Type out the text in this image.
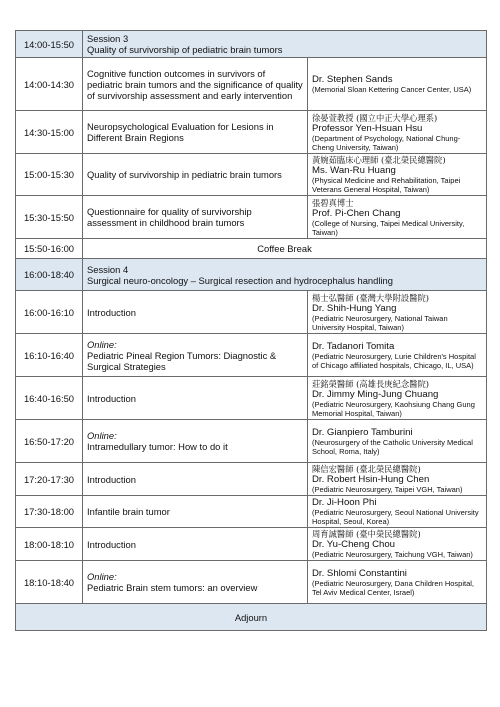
14:00-15:50	Session 3
Quality of survivorship of pediatric brain tumors	
14:00-14:30	Cognitive function outcomes in survivors of pediatric brain tumors and the significance of quality of survivorship assessment and early intervention	Dr. Stephen Sands
(Memorial Sloan Kettering Cancer Center, USA)

14:30-15:00	Neuropsychological Evaluation for Lesions in Different Brain Regions	徐晏萱教授 (國立中正大學心理系)
Professor Yen-Hsuan Hsu
(Department of Psychology, National Chung-Cheng University, Taiwan)

15:00-15:30	Quality of survivorship in pediatric brain tumors	黃婉茹臨床心理師 (臺北榮民總醫院)
Ms. Wan-Ru Huang
(Physical Medicine and Rehabilitation, Taipei Veterans General Hospital, Taiwan)

15:30-15:50	Questionnaire for quality of survivorship assessment in childhood brain tumors	張碧真博士
Prof. Pi-Chen Chang
(College of Nursing, Taipei Medical University, Taiwan)

15:50-16:00	Coffee Break	
16:00-18:40	Session 4
Surgical neuro-oncology – Surgical resection and hydrocephalus handling	
16:00-16:10	Introduction	楊士弘醫師 (臺灣大學附設醫院)
Dr. Shih-Hung Yang
(Pediatric Neurosurgery, National Taiwan University Hospital, Taiwan)

16:10-16:40	Online:
Pediatric Pineal Region Tumors: Diagnostic & Surgical Strategies	Dr. Tadanori Tomita
(Pediatric Neurosurgery, Lurie Children's Hospital of Chicago affiliated hospitals, Chicago, IL, USA)

16:40-16:50	Introduction	莊銘榮醫師 (高雄長庚紀念醫院)
Dr. Jimmy Ming-Jung Chuang
(Pediatric Neurosurgery, Kaohsiung Chang Gung Memorial Hospital, Taiwan)

16:50-17:20	Online:
Intramedullary tumor: How to do it	Dr. Gianpiero Tamburini
(Neurosurgery of the Catholic University Medical School, Roma, Italy)

17:20-17:30	Introduction	陳信宏醫師 (臺北榮民總醫院)
Dr. Robert Hsin-Hung Chen
(Pediatric Neurosurgery, Taipei VGH, Taiwan)

17:30-18:00	Infantile brain tumor	Dr. Ji-Hoon Phi
(Pediatric Neurosurgery, Seoul National University Hospital, Seoul, Korea)

18:00-18:10	Introduction	周育誠醫師 (臺中榮民總醫院)
Dr. Yu-Cheng Chou
(Pediatric Neurosurgery, Taichung VGH, Taiwan)

18:10-18:40	Online:
Pediatric Brain stem tumors: an overview	Dr. Shlomi Constantini
(Pediatric Neurosurgery, Dana Children Hospital, Tel Aviv Medical Center, Israel)

Adjourn		
